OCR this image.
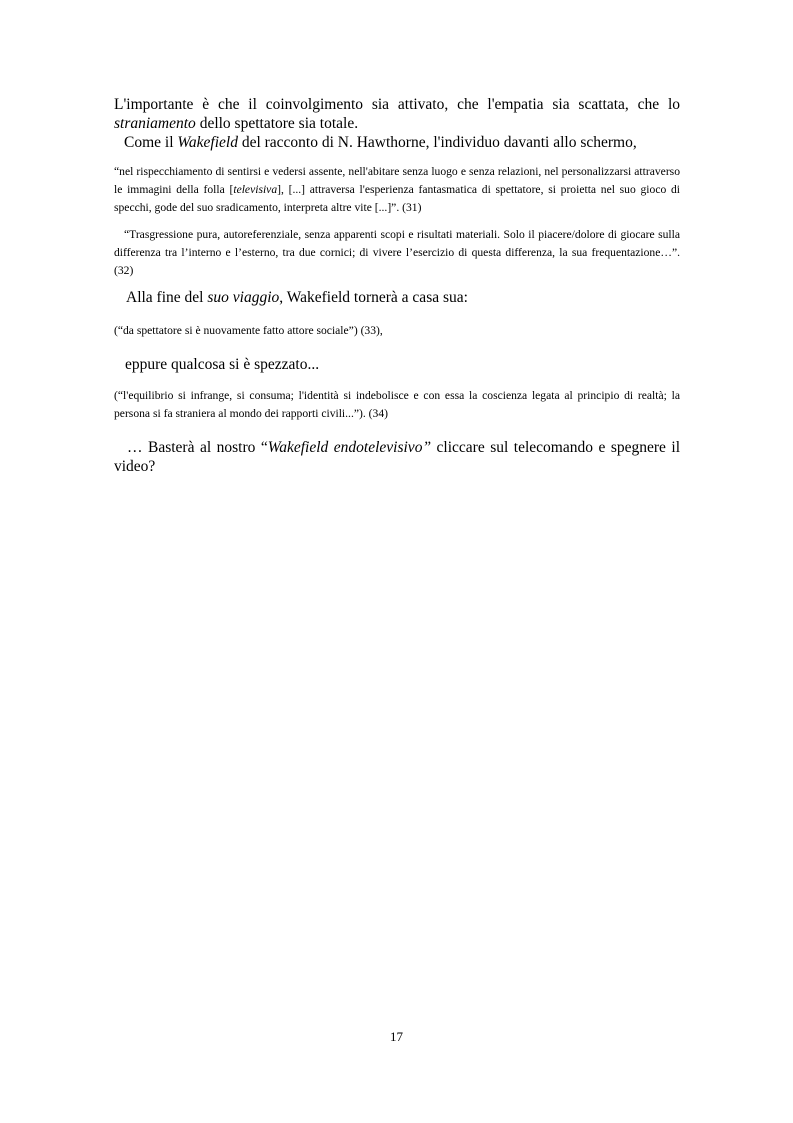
L'importante è che il coinvolgimento sia attivato, che l'empatia sia scattata, che lo
straniamento dello spettatore sia totale.
Come il Wakefield del racconto di N. Hawthorne, l'individuo davanti allo schermo,
“nel rispecchiamento di sentirsi e vedersi assente, nell'abitare senza luogo e senza relazioni, nel personalizzarsi attraverso le immagini della folla [televisiva], [...] attraversa l'esperienza fantasmatica di spettatore, si proietta nel suo gioco di specchi, gode del suo sradicamento, interpreta altre vite [...]”. (31)
“Trasgressione pura, autoreferenziale, senza apparenti scopi e risultati materiali. Solo il piacere/dolore di giocare sulla differenza tra l’interno e l’esterno, tra due cornici; di vivere l’esercizio di questa differenza, la sua frequentazione…”. (32)
Alla fine del suo viaggio, Wakefield tornerà a casa sua:
(“da spettatore si è nuovamente fatto attore sociale”) (33),
eppure qualcosa si è spezzato...
(“l'equilibrio si infrange, si consuma; l'identità si indebolisce e con essa la coscienza legata al principio di realtà; la persona si fa straniera al mondo dei rapporti civili...”). (34)
… Basterà al nostro “Wakefield endotelevisivo” cliccare sul telecomando e spegnere il video?
17
